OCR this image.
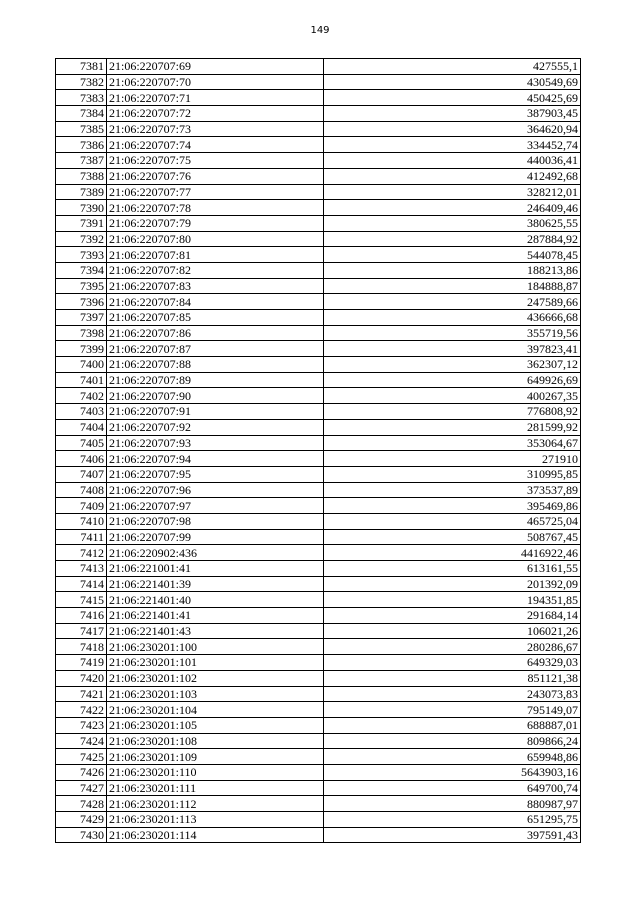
149
7381	21:06:220707:69	427555,1
7382	21:06:220707:70	430549,69
7383	21:06:220707:71	450425,69
7384	21:06:220707:72	387903,45
7385	21:06:220707:73	364620,94
7386	21:06:220707:74	334452,74
7387	21:06:220707:75	440036,41
7388	21:06:220707:76	412492,68
7389	21:06:220707:77	328212,01
7390	21:06:220707:78	246409,46
7391	21:06:220707:79	380625,55
7392	21:06:220707:80	287884,92
7393	21:06:220707:81	544078,45
7394	21:06:220707:82	188213,86
7395	21:06:220707:83	184888,87
7396	21:06:220707:84	247589,66
7397	21:06:220707:85	436666,68
7398	21:06:220707:86	355719,56
7399	21:06:220707:87	397823,41
7400	21:06:220707:88	362307,12
7401	21:06:220707:89	649926,69
7402	21:06:220707:90	400267,35
7403	21:06:220707:91	776808,92
7404	21:06:220707:92	281599,92
7405	21:06:220707:93	353064,67
7406	21:06:220707:94	271910
7407	21:06:220707:95	310995,85
7408	21:06:220707:96	373537,89
7409	21:06:220707:97	395469,86
7410	21:06:220707:98	465725,04
7411	21:06:220707:99	508767,45
7412	21:06:220902:436	4416922,46
7413	21:06:221001:41	613161,55
7414	21:06:221401:39	201392,09
7415	21:06:221401:40	194351,85
7416	21:06:221401:41	291684,14
7417	21:06:221401:43	106021,26
7418	21:06:230201:100	280286,67
7419	21:06:230201:101	649329,03
7420	21:06:230201:102	851121,38
7421	21:06:230201:103	243073,83
7422	21:06:230201:104	795149,07
7423	21:06:230201:105	688887,01
7424	21:06:230201:108	809866,24
7425	21:06:230201:109	659948,86
7426	21:06:230201:110	5643903,16
7427	21:06:230201:111	649700,74
7428	21:06:230201:112	880987,97
7429	21:06:230201:113	651295,75
7430	21:06:230201:114	397591,43
